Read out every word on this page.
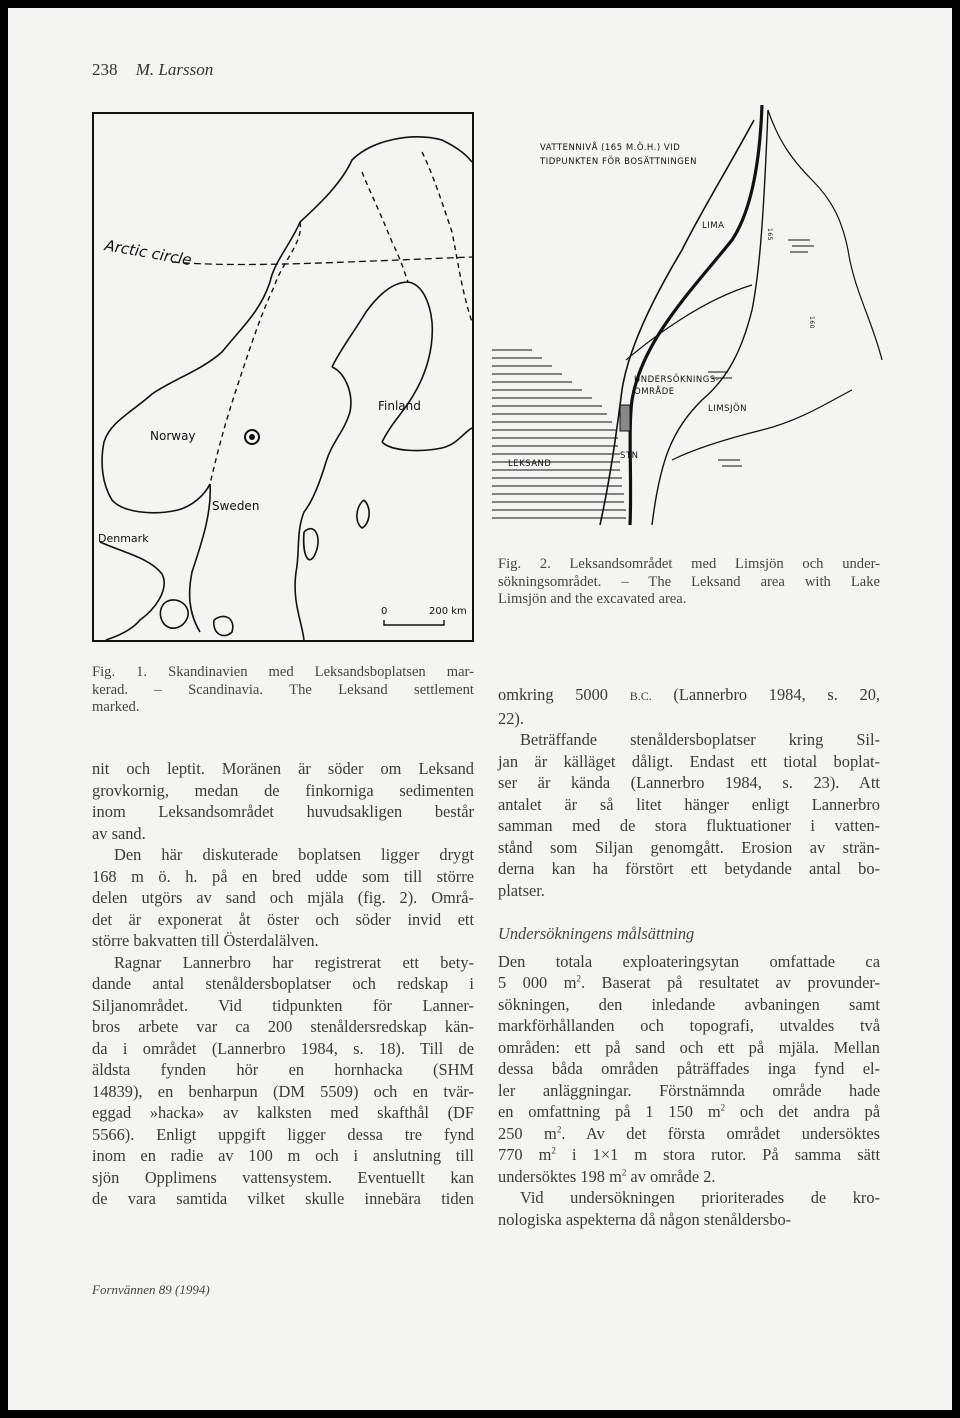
238 M. Larsson
Arctic circle
Finland
Norway
Sweden
Denmark
0	200 km
VATTENNIVÅ (165 M.Ö.H.) VID
TIDPUNKTEN FÖR BOSÄTTNINGEN
LIMA
UNDERSÖKNINGS-
OMRÅDE
LIMSJÖN
LEKSAND
STN
165
160
Fig. 2. Leksandsområdet med Limsjön och under-
sökningsområdet. – The Leksand area with Lake
Limsjön and the excavated area.
Fig. 1. Skandinavien med Leksandsboplatsen mar-
kerad. – Scandinavia. The Leksand settlement
marked.
nit och leptit. Moränen är söder om Leksand
grovkornig, medan de finkorniga sedimenten
inom Leksandsområdet huvudsakligen består
av sand.
Den här diskuterade boplatsen ligger drygt
168 m ö. h. på en bred udde som till större
delen utgörs av sand och mjäla (fig. 2). Områ-
det är exponerat åt öster och söder invid ett
större bakvatten till Österdalälven.
Ragnar Lannerbro har registrerat ett bety-
dande antal stenåldersboplatser och redskap i
Siljanområdet. Vid tidpunkten för Lanner-
bros arbete var ca 200 stenåldersredskap kän-
da i området (Lannerbro 1984, s. 18). Till de
äldsta fynden hör en hornhacka (SHM
14839), en benharpun (DM 5509) och en tvär-
eggad »hacka» av kalksten med skafthål (DF
5566). Enligt uppgift ligger dessa tre fynd
inom en radie av 100 m och i anslutning till
sjön Opplimens vattensystem. Eventuellt kan
de vara samtida vilket skulle innebära tiden
omkring 5000 B.C. (Lannerbro 1984, s. 20,
22).
Beträffande stenåldersboplatser kring Sil-
jan är källäget dåligt. Endast ett tiotal boplat-
ser är kända (Lannerbro 1984, s. 23). Att
antalet är så litet hänger enligt Lannerbro
samman med de stora fluktuationer i vatten-
stånd som Siljan genomgått. Erosion av strän-
derna kan ha förstört ett betydande antal bo-
platser.
Undersökningens målsättning
Den totala exploateringsytan omfattade ca
5 000 $m^2$. Baserat på resultatet av provunder-
sökningen, den inledande avbaningen samt
markförhållanden och topografi, utvaldes två
områden: ett på sand och ett på mjäla. Mellan
dessa båda områden påträffades inga fynd el-
ler anläggningar. Förstnämnda område hade
en omfattning på 1 150 $m^2$ och det andra på
250 $m^2$. Av det första området undersöktes
770 $m^2$ i 1×1 m stora rutor. På samma sätt
undersöktes 198 $m^2$ av område 2.
Vid undersökningen prioriterades de kro-
nologiska aspekterna då någon stenåldersbo-
Fornvännen 89 (1994)
